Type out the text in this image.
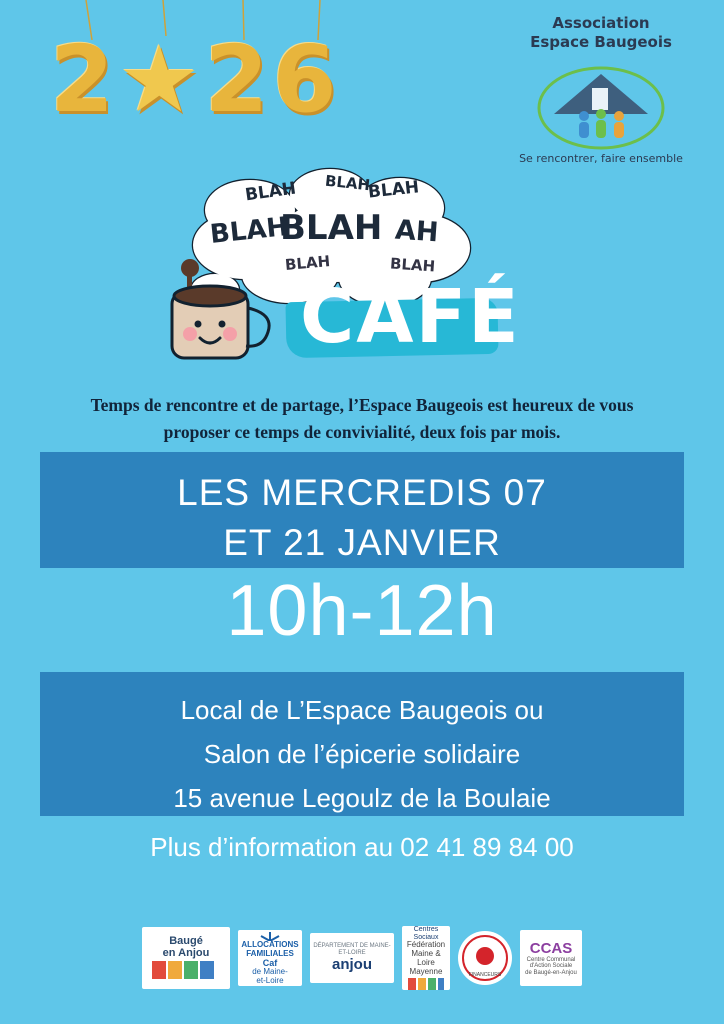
2★26
Association
Espace Baugeois
Se rencontrer, faire ensemble
BLAH BLAH
BLAH
BLAH
BLAH AH
BLAH	BLAH
CAFÉ
Temps de rencontre et de partage, l’Espace Baugeois est heureux de vous
proposer ce temps de convivialité, deux fois par mois.
LES MERCREDIS 07
ET 21 JANVIER
10h-12h
Local de L’Espace Baugeois ou
Salon de l’épicerie solidaire
15 avenue Legoulz de la Boulaie
Plus d’information au 02 41 89 84 00
Baugé
en Anjou
ALLOCATIONS
FAMILIALES
Caf
de Maine-
et-Loire
DÉPARTEMENT DE MAINE-ET-LOIRE
anjou
Centres Sociaux
Fédération
Maine & Loire
Mayenne	FINANCEURS
CCAS
Centre Communal d'Action Sociale
de Baugé-en-Anjou
